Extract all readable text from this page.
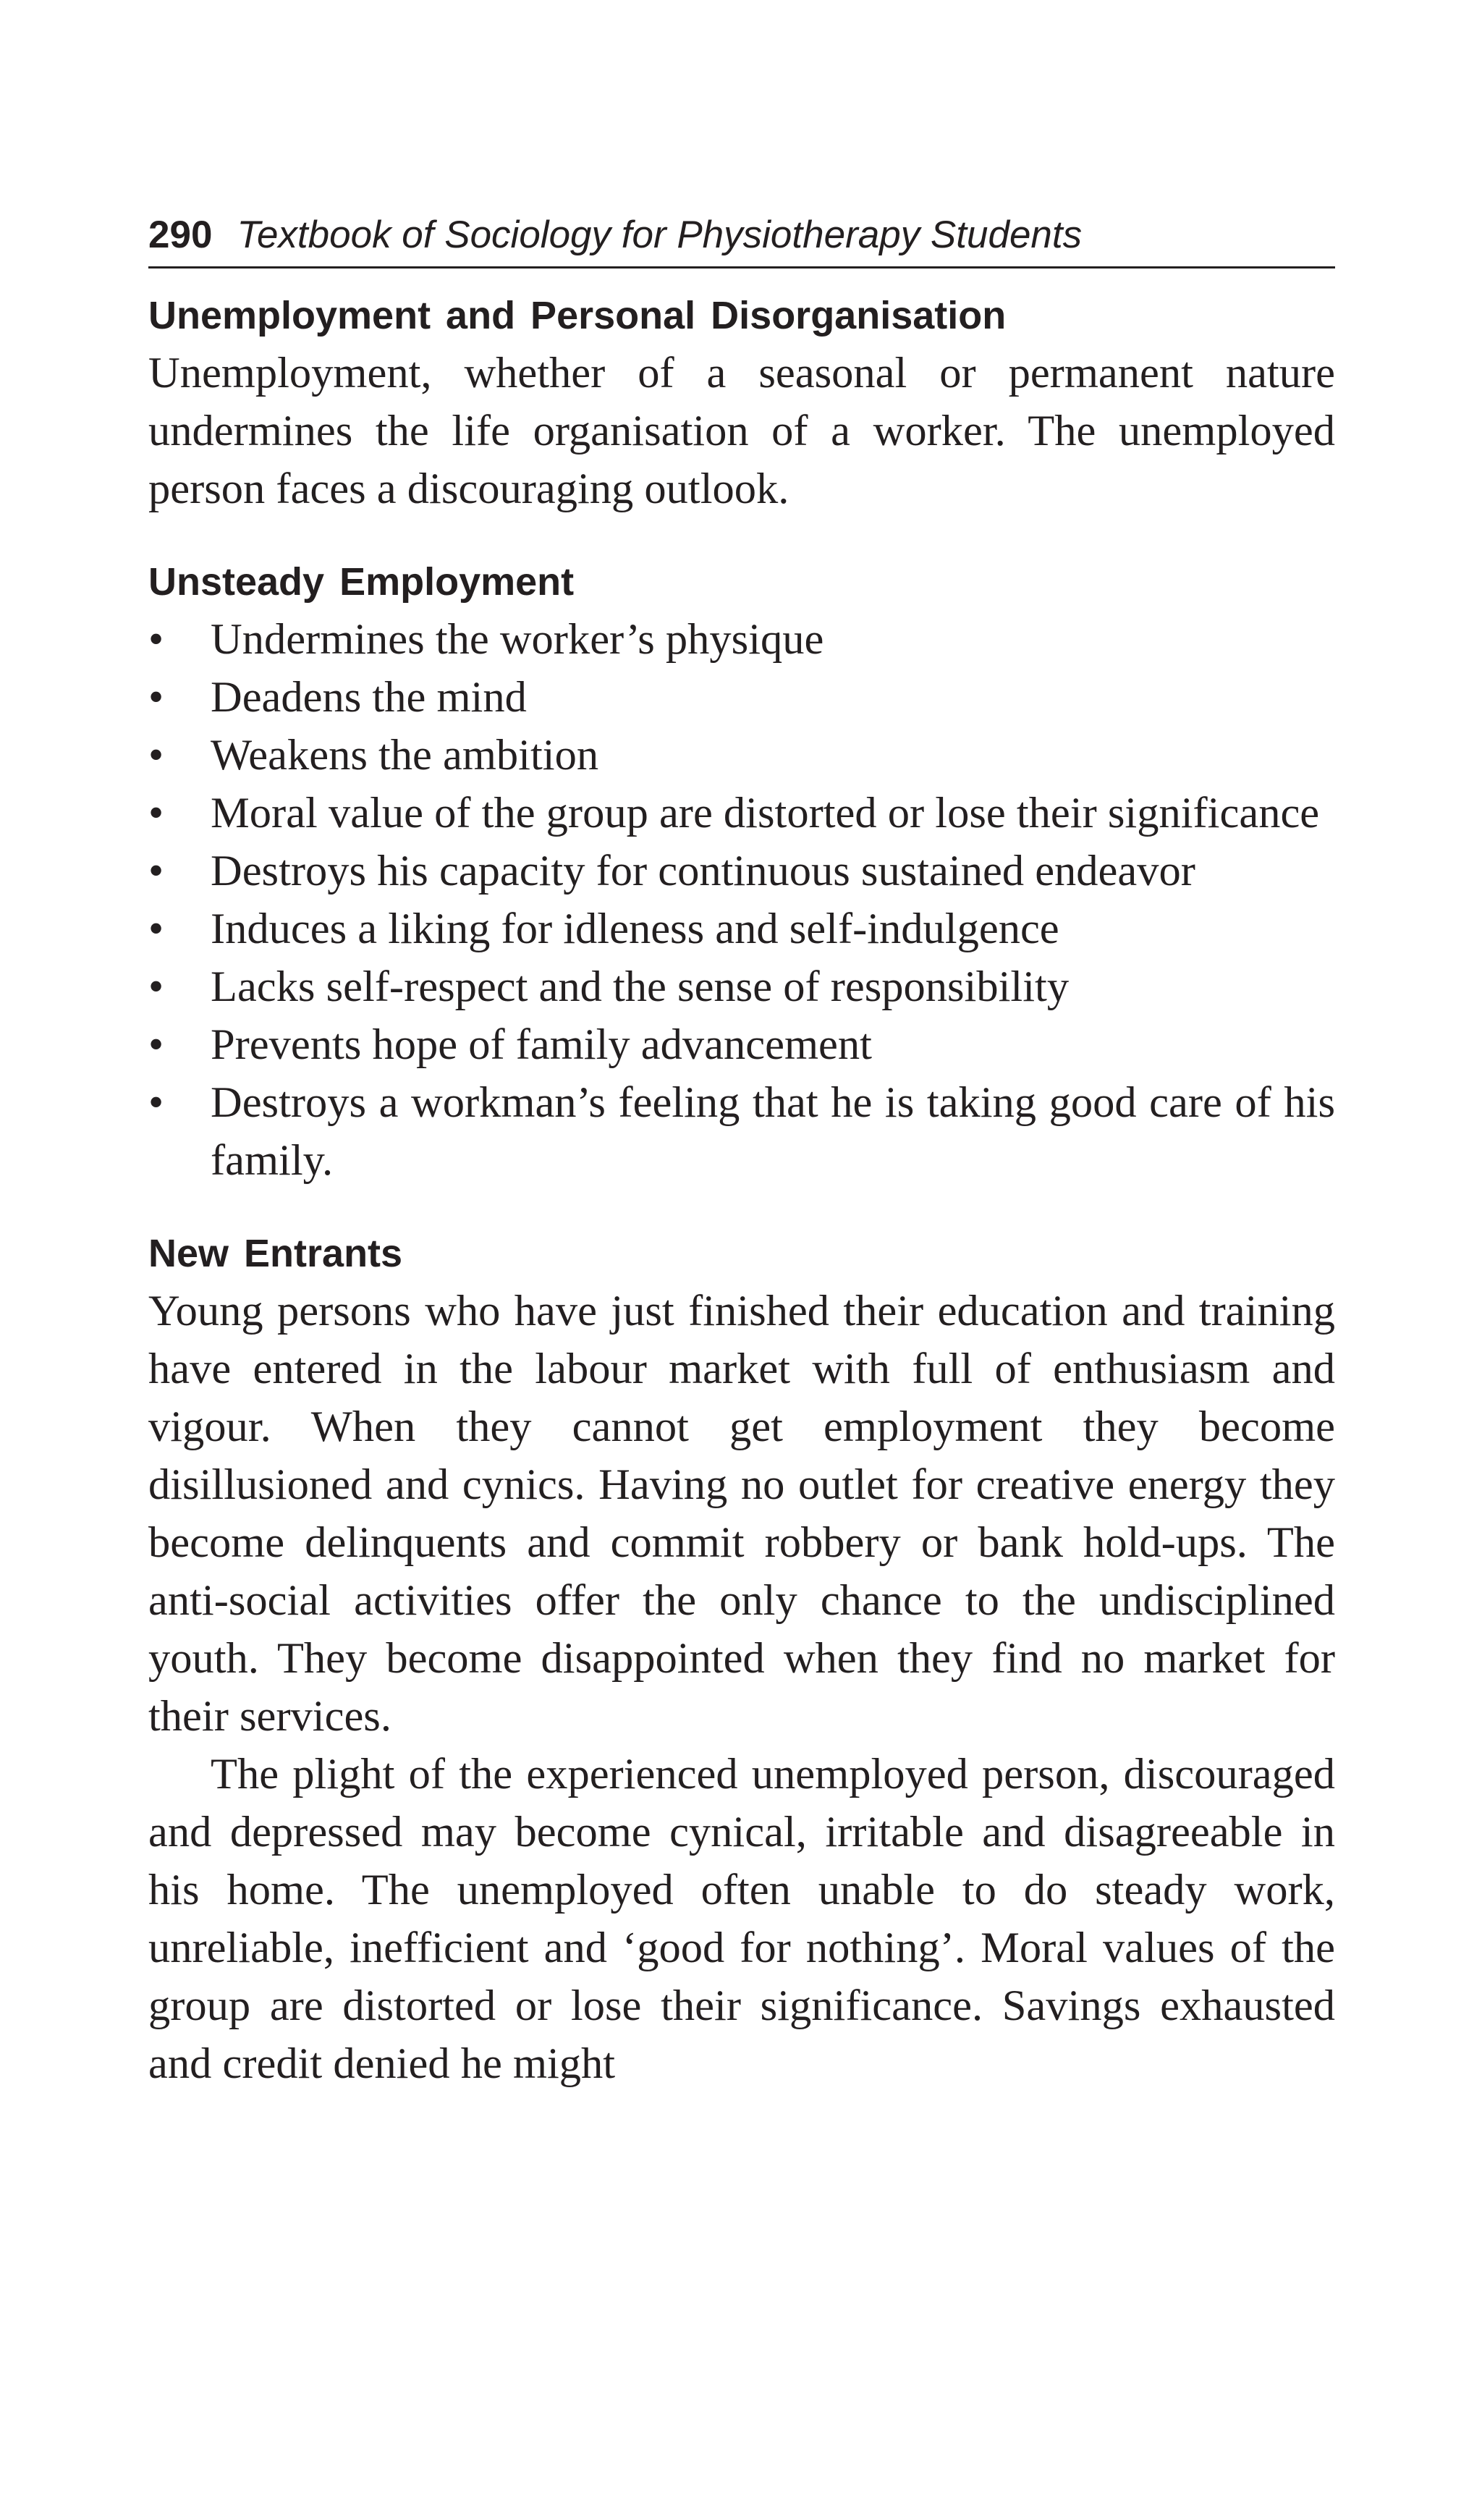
290 Textbook of Sociology for Physiotherapy Students
Unemployment and Personal Disorganisation

Unemployment, whether of a seasonal or permanent nature undermines the life organisation of a worker. The unemployed person faces a discouraging outlook.

Unsteady Employment
•	Undermines the worker’s physique
•	Deadens the mind
•	Weakens the ambition
•	Moral value of the group are distorted or lose their significance
•	Destroys his capacity for continuous sustained endeavor
•	Induces a liking for idleness and self-indulgence
•	Lacks self-respect and the sense of responsibility
•	Prevents hope of family advancement
•	Destroys a workman’s feeling that he is taking good care of his family.
New Entrants

Young persons who have just finished their education and training have entered in the labour market with full of enthusiasm and vigour. When they cannot get employment they become disillusioned and cynics. Having no outlet for creative energy they become delinquents and commit robbery or bank hold-ups. The anti-social activities offer the only chance to the undisciplined youth. They become disappointed when they find no market for their services.

The plight of the experienced unemployed person, discouraged and depressed may become cynical, irritable and disagreeable in his home. The unemployed often unable to do steady work, unreliable, inefficient and ‘good for nothing’. Moral values of the group are distorted or lose their significance. Savings exhausted and credit denied he might
